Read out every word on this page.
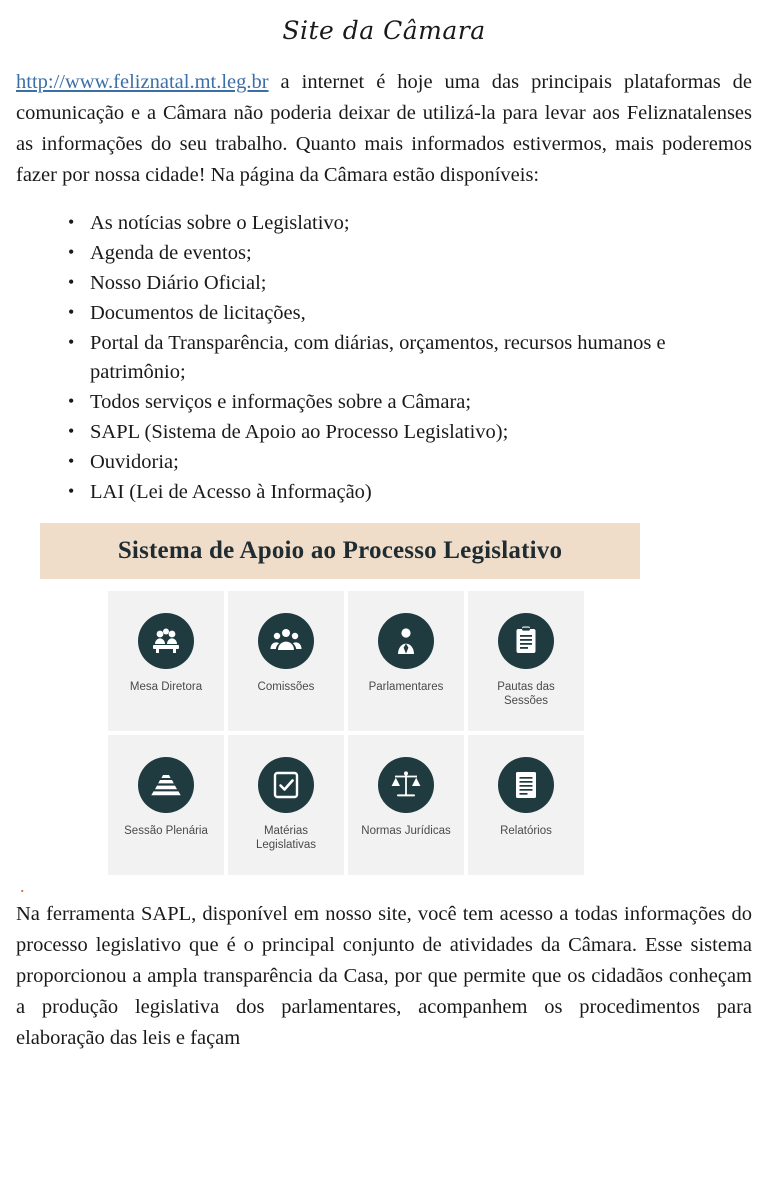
Site da Câmara

http://www.feliznatal.mt.leg.br a internet é hoje uma das principais plataformas de comunicação e a Câmara não poderia deixar de utilizá-la para levar aos Feliznatalenses as informações do seu trabalho. Quanto mais informados estivermos, mais poderemos fazer por nossa cidade! Na página da Câmara estão disponíveis:

• As notícias sobre o Legislativo;
• Agenda de eventos;
• Nosso Diário Oficial;
• Documentos de licitações,
• Portal da Transparência, com diárias, orçamentos, recursos humanos e patrimônio;
• Todos serviços e informações sobre a Câmara;
• SAPL (Sistema de Apoio ao Processo Legislativo);
• Ouvidoria;
• LAI (Lei de Acesso à Informação)
Sistema de Apoio ao Processo Legislativo
Mesa Diretora	Comissões	Parlamentares	Pautas das Sessões
Sessão Plenária	Matérias Legislativas
Normas Jurídicas	Relatórios
.

Na ferramenta SAPL, disponível em nosso site, você tem acesso a todas informações do processo legislativo que é o principal conjunto de atividades da Câmara. Esse sistema proporcionou a ampla transparência da Casa, por que permite que os cidadãos conheçam a produção legislativa dos parlamentares, acompanhem os procedimentos para elaboração das leis e façam
